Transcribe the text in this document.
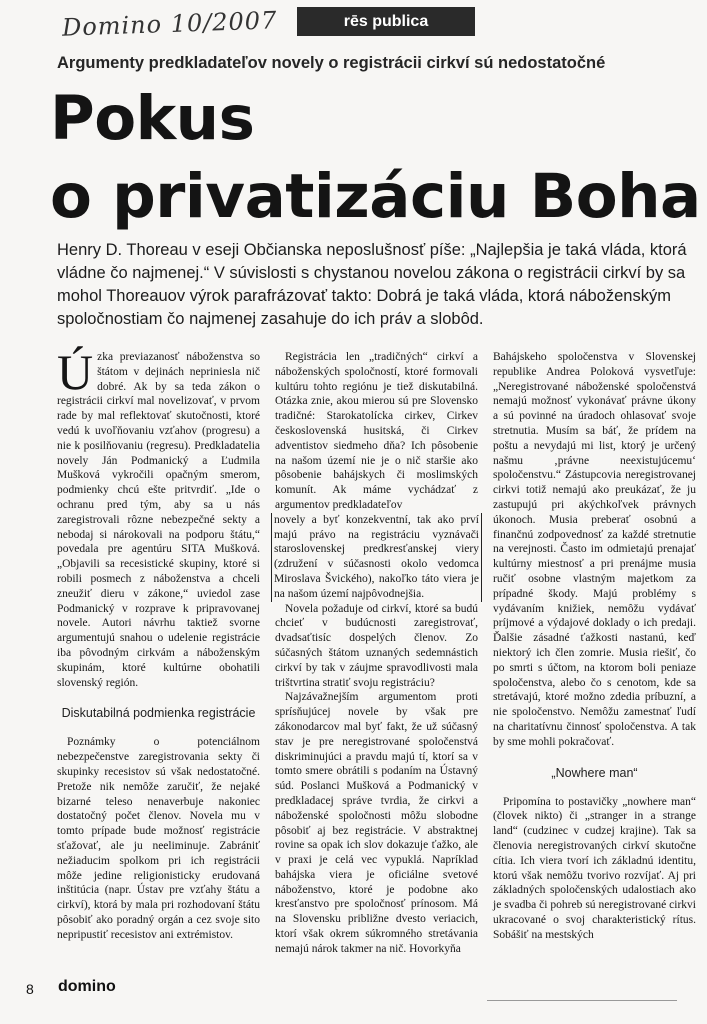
Domino 10/2007	rēs publica
Argumenty predkladateľov novely o registrácii cirkví sú nedostatočné
Pokus
o privatizáciu Boha
Henry D. Thoreau v eseji Občianska neposlušnosť píše: „Najlepšia je taká vláda, ktorá vládne čo najmenej.“ V súvislosti s chystanou novelou zákona o registrácii cirkví by sa mohol Thoreauov výrok parafrázovať takto: Dobrá je taká vláda, ktorá náboženským spoločnostiam čo najmenej zasahuje do ich práv a slobôd.

Úzka previazanosť náboženstva so štátom v dejinách nepriniesla nič dobré. Ak by sa teda zákon o registrácii cirkví mal novelizovať, v prvom rade by mal reflektovať skutočnosti, ktoré vedú k uvoľňovaniu vzťahov (progresu) a nie k posilňovaniu (regresu). Predkladatelia novely Ján Podmanický a Ľudmila Mušková vykročili opačným smerom, podmienky chcú ešte pritvrdiť. „Ide o ochranu pred tým, aby sa u nás zaregistrovali rôzne nebezpečné sekty a nebodaj si nárokovali na podporu štátu,“ povedala pre agentúru SITA Mušková. „Objavili sa recesistické skupiny, ktoré si robili posmech z náboženstva a chceli zneužiť dieru v zákone,“ uviedol zase Podmanický v rozprave k pripravovanej novele. Autori návrhu taktiež svorne argumentujú snahou o udelenie registrácie iba pôvodným cirkvám a náboženským skupinám, ktoré kultúrne obohatili slovenský región.

Diskutabilná podmienka registrácie

Poznámky o potenciálnom nebezpečenstve zaregistrovania sekty či skupinky recesistov sú však nedostatočné. Pretože nik nemôže zaručiť, že nejaké bizarné teleso nenaverbuje nakoniec dostatočný počet členov. Novela mu v tomto prípade bude možnosť registrácie sťažovať, ale ju neeliminuje. Zabrániť nežiaducim spolkom pri ich registrácii môže jedine religionisticky erudovaná inštitúcia (napr. Ústav pre vzťahy štátu a cirkví), ktorá by mala pri rozhodovaní štátu pôsobiť ako poradný orgán a cez svoje sito nepripustiť recesistov ani extrémistov.

Registrácia len „tradičných“ cirkví a náboženských spoločností, ktoré formovali kultúru tohto regiónu je tiež diskutabilná. Otázka znie, akou mierou sú pre Slovensko tradičné: Starokatolícka cirkev, Cirkev československá husitská, či Cirkev adventistov siedmeho dňa? Ich pôsobenie na našom území nie je o nič staršie ako pôsobenie bahájskych či moslimských komunít. Ak máme vychádzať z argumentov predkladateľov

novely a byť konzekventní, tak ako prví majú právo na registráciu vyznávači staroslovenskej predkresťanskej viery (združení v súčasnosti okolo vedomca Miroslava Švického), nakoľko táto viera je na našom území najpôvodnejšia.

Novela požaduje od cirkví, ktoré sa budú chcieť v budúcnosti zaregistrovať, dvadsaťtisíc dospelých členov. Zo súčasných štátom uznaných sedemnástich cirkví by tak v záujme spravodlivosti mala trištvrtina stratiť svoju registráciu?

Najzávažnejším argumentom proti sprísňujúcej novele by však pre zákonodarcov mal byť fakt, že už súčasný stav je pre neregistrované spoločenstvá diskriminujúci a pravdu majú tí, ktorí sa v tomto smere obrátili s podaním na Ústavný súd. Poslanci Mušková a Podmanický v predkladacej správe tvrdia, že cirkvi a náboženské spoločnosti môžu slobodne pôsobiť aj bez registrácie. V abstraktnej rovine sa opak ich slov dokazuje ťažko, ale v praxi je celá vec vypuklá. Napríklad bahájska viera je oficiálne svetové náboženstvo, ktoré je podobne ako kresťanstvo pre spoločnosť prínosom. Má na Slovensku približne dvesto veriacich, ktorí však okrem súkromného stretávania nemajú nárok takmer na nič. Hovorkyňa

Bahájskeho spoločenstva v Slovenskej republike Andrea Poloková vysvetľuje: „Neregistrované náboženské spoločenstvá nemajú možnosť vykonávať právne úkony a sú povinné na úradoch ohlasovať svoje stretnutia. Musím sa báť, že prídem na poštu a nevydajú mi list, ktorý je určený našmu ‚právne neexistujúcemu‘ spoločenstvu.“ Zástupcovia neregistrovanej cirkvi totiž nemajú ako preukázať, že ju zastupujú pri akýchkoľvek právnych úkonoch. Musia preberať osobnú a finančnú zodpovednosť za každé stretnutie na verejnosti. Často im odmietajú prenajať kultúrny miestnosť a pri prenájme musia ručiť osobne vlastným majetkom za prípadné škody. Majú problémy s vydávaním knižiek, nemôžu vydávať príjmové a výdajové doklady o ich predaji. Ďalšie zásadné ťažkosti nastanú, keď niektorý ich člen zomrie. Musia riešiť, čo po smrti s účtom, na ktorom boli peniaze spoločenstva, alebo čo s cenotom, kde sa stretávajú, ktoré možno zdedia príbuzní, a nie spoločenstvo. Nemôžu zamestnať ľudí na charitatívnu činnosť spoločenstva. A tak by sme mohli pokračovať.

„Nowhere man“

Pripomína to postavičky „nowhere man“ (človek nikto) či „stranger in a strange land“ (cudzinec v cudzej krajine). Tak sa členovia neregistrovaných cirkví skutočne cítia. Ich viera tvorí ich základnú identitu, ktorú však nemôžu tvorivo rozvíjať. Aj pri základných spoločenských udalostiach ako je svadba či pohreb sú neregistrované cirkvi ukracované o svoj charakteristický rítus. Sobášiť na mestských

8 domino
